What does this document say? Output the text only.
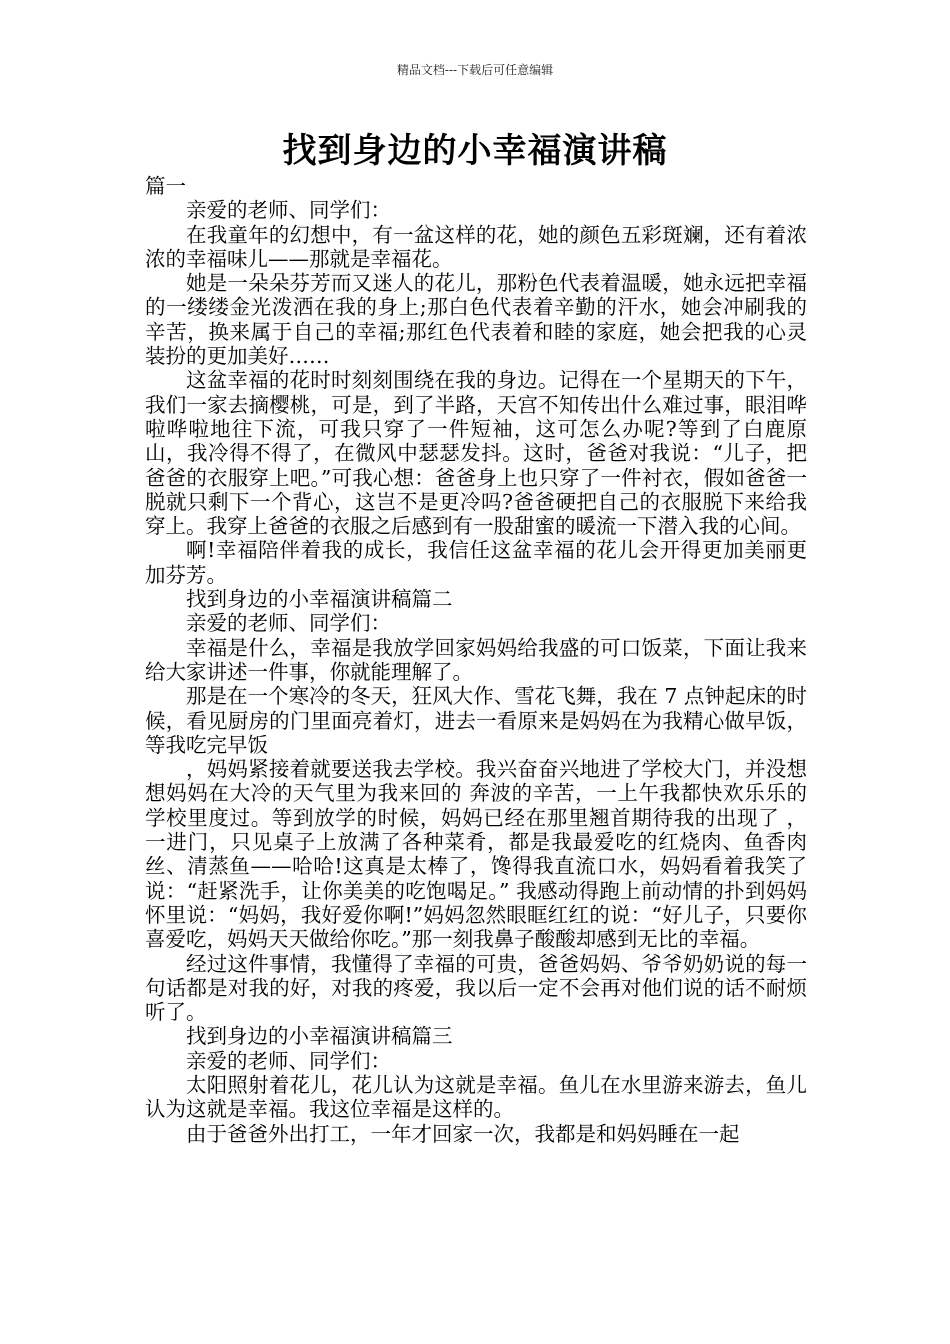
精品文档---下载后可任意编辑
找到身边的小幸福演讲稿

篇一

亲爱的老师、同学们：

在我童年的幻想中，有一盆这样的花，她的颜色五彩斑斓，还有着浓浓的幸福味儿——那就是幸福花。

她是一朵朵芬芳而又迷人的花儿，那粉色代表着温暖，她永远把幸福的一缕缕金光泼洒在我的身上;那白色代表着辛勤的汗水，她会冲刷我的辛苦，换来属于自己的幸福;那红色代表着和睦的家庭，她会把我的心灵装扮的更加美好……

这盆幸福的花时时刻刻围绕在我的身边。记得在一个星期天的下午，我们一家去摘樱桃，可是，到了半路，天宫不知传出什么难过事，眼泪哗啦哗啦地往下流，可我只穿了一件短袖，这可怎么办呢?等到了白鹿原山，我冷得不得了，在微风中瑟瑟发抖。这时，爸爸对我说：“儿子，把爸爸的衣服穿上吧。”可我心想：爸爸身上也只穿了一件衬衣，假如爸爸一脱就只剩下一个背心，这岂不是更冷吗?爸爸硬把自己的衣服脱下来给我穿上。我穿上爸爸的衣服之后感到有一股甜蜜的暖流一下潜入我的心间。

啊!幸福陪伴着我的成长，我信任这盆幸福的花儿会开得更加美丽更加芬芳。

找到身边的小幸福演讲稿篇二

亲爱的老师、同学们：

幸福是什么，幸福是我放学回家妈妈给我盛的可口饭菜，下面让我来给大家讲述一件事，你就能理解了。

那是在一个寒冷的冬天，狂风大作、雪花飞舞，我在 7 点钟起床的时候，看见厨房的门里面亮着灯，进去一看原来是妈妈在为我精心做早饭，等我吃完早饭

，妈妈紧接着就要送我去学校。我兴奋奋兴地进了学校大门，并没想想妈妈在大冷的天气里为我来回的 奔波的辛苦，一上午我都快欢乐乐的学校里度过。等到放学的时候，妈妈已经在那里翘首期待我的出现了 ，一进门，只见桌子上放满了各种菜肴，都是我最爱吃的红烧肉、鱼香肉丝、清蒸鱼——哈哈!这真是太棒了，馋得我直流口水，妈妈看着我笑了 说：“赶紧洗手，让你美美的吃饱喝足。” 我感动得跑上前动情的扑到妈妈怀里说：“妈妈，我好爱你啊!”妈妈忽然眼眶红红的说：“好儿子，只要你喜爱吃，妈妈天天做给你吃。”那一刻我鼻子酸酸却感到无比的幸福。

经过这件事情，我懂得了幸福的可贵，爸爸妈妈、爷爷奶奶说的每一句话都是对我的好，对我的疼爱，我以后一定不会再对他们说的话不耐烦听了。

找到身边的小幸福演讲稿篇三

亲爱的老师、同学们：

太阳照射着花儿，花儿认为这就是幸福。鱼儿在水里游来游去，鱼儿认为这就是幸福。我这位幸福是这样的。

由于爸爸外出打工，一年才回家一次，我都是和妈妈睡在一起
